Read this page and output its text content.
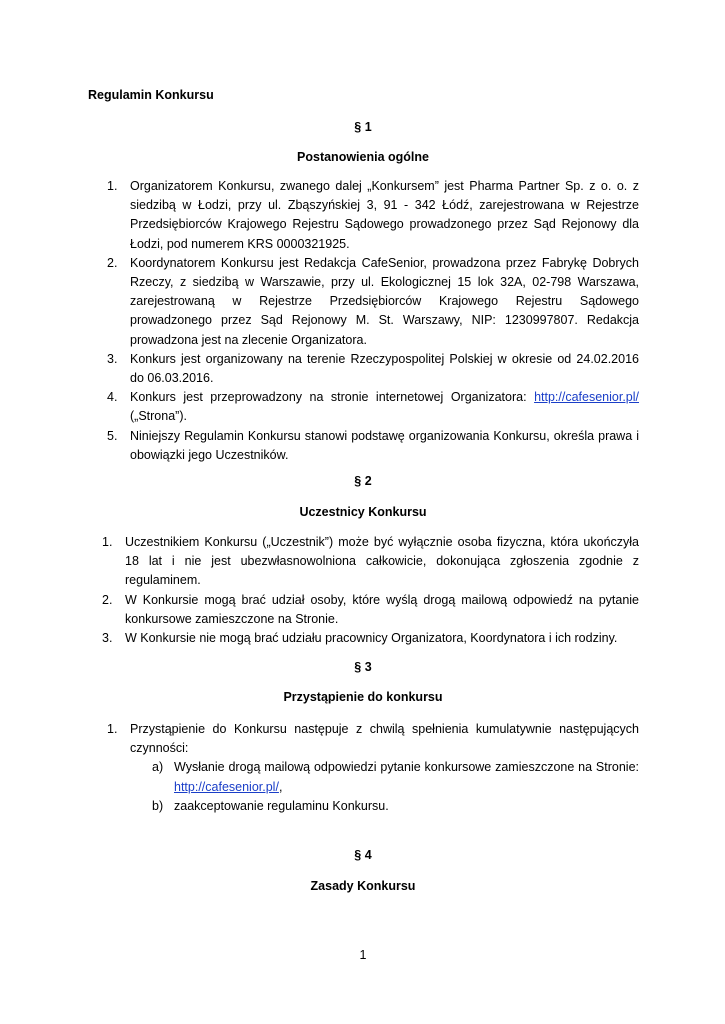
Regulamin Konkursu
§ 1
Postanowienia ogólne
1. Organizatorem Konkursu, zwanego dalej „Konkursem” jest Pharma Partner Sp. z o. o. z siedzibą w Łodzi, przy ul. Zbąszyńskiej 3, 91 - 342 Łódź, zarejestrowana w Rejestrze Przedsiębiorców Krajowego Rejestru Sądowego prowadzonego przez Sąd Rejonowy dla Łodzi, pod numerem KRS 0000321925.
2. Koordynatorem Konkursu jest Redakcja CafeSenior, prowadzona przez Fabrykę Dobrych Rzeczy, z siedzibą w Warszawie, przy ul. Ekologicznej 15 lok 32A, 02-798 Warszawa, zarejestrowaną w Rejestrze Przedsiębiorców Krajowego Rejestru Sądowego prowadzonego przez Sąd Rejonowy M. St. Warszawy, NIP: 1230997807. Redakcja prowadzona jest na zlecenie Organizatora.
3. Konkurs jest organizowany na terenie Rzeczypospolitej Polskiej w okresie od 24.02.2016 do 06.03.2016.
4. Konkurs jest przeprowadzony na stronie internetowej Organizatora: http://cafesenior.pl/ („Strona”).
5. Niniejszy Regulamin Konkursu stanowi podstawę organizowania Konkursu, określa prawa i obowiązki jego Uczestników.
§ 2
Uczestnicy Konkursu
1. Uczestnikiem Konkursu („Uczestnik”) może być wyłącznie osoba fizyczna, która ukończyła 18 lat i nie jest ubezwłasnowolniona całkowicie, dokonująca zgłoszenia zgodnie z regulaminem.
2. W Konkursie mogą brać udział osoby, które wyślą drogą mailową odpowiedź na pytanie konkursowe zamieszczone na Stronie.
3. W Konkursie nie mogą brać udziału pracownicy Organizatora, Koordynatora i ich rodziny.
§ 3
Przystąpienie do konkursu
1. Przystąpienie do Konkursu następuje z chwilą spełnienia kumulatywnie następujących czynności:
a) Wysłanie drogą mailową odpowiedzi pytanie konkursowe zamieszczone na Stronie: http://cafesenior.pl/,
b) zaakceptowanie regulaminu Konkursu.
§ 4
Zasady Konkursu
1
